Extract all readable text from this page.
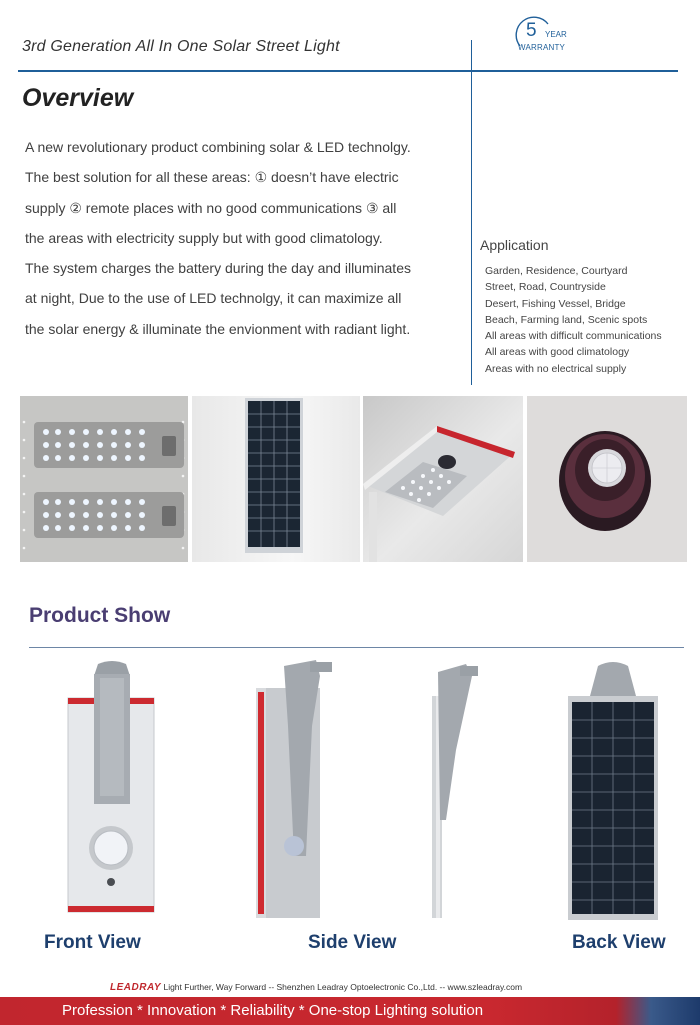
3rd Generation All In One Solar Street Light
5 YEAR
WARRANTY
Overview

A new revolutionary product combining solar & LED technolgy.

The best solution for all these areas: ① doesn’t have electric

supply ② remote places with no good communications ③ all

the areas with electricity supply but with good climatology.

The system charges the battery during the day and illuminates

at night, Due to the use of LED technolgy, it can maximize all

the solar energy & illuminate the envionment with radiant light.

Application
Garden, Residence, Courtyard
Street, Road, Countryside
Desert, Fishing Vessel, Bridge
Beach, Farming land, Scenic spots
All areas with difficult communications
All areas with good climatology
Areas with no electrical supply
Product Show
Front View	Side View	Back View
LEADRAY Light Further, Way Forward -- Shenzhen Leadray Optoelectronic Co.,Ltd. -- www.szleadray.com
Profession * Innovation * Reliability * One-stop Lighting solution
